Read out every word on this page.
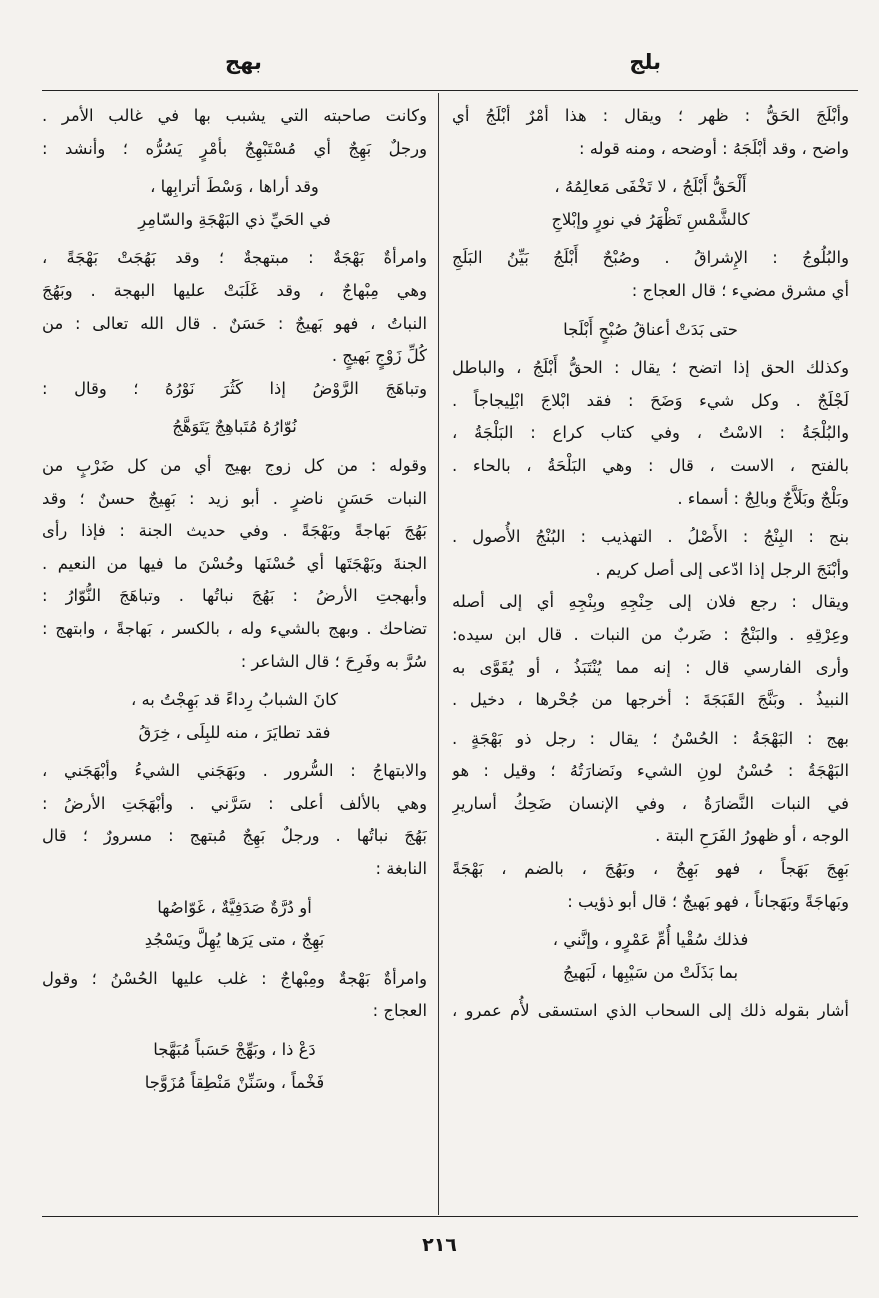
بلج
بهج

وأبْلَجَ الحَقُّ : ظهر ؛ ويقال : هذا أمْرٌ أبْلَجُ أي

واضح ، وقد أبْلَجَهُ : أوضحه ، ومنه قوله :

أَلْحَقُّ أَبْلَجُ ، لا تَخْفَى مَعالِمُهُ ،

كالشَّمْسِ تَظْهَرُ في نورٍ وإبْلاجِ

والبُلُوجُ : الإِشراقُ . وصُبْحٌ أَبْلَجُ بَيِّنُ البَلَجِ

أي مشرق مضيء ؛ قال العجاج :

حتى بَدَتْ أعناقُ صُبْحٍ أَبْلَجا

وكذلك الحق إذا اتضح ؛ يقال : الحقُّ أَبْلَجُ ، والباطل

لَجْلَجٌ . وكل شيء وَضَحَ : فقد ابْلاجَ ابْلِيجاجاً .

والبُلْجَةُ : الاسْتُ ، وفي كتاب كراع : البَلْجَةُ ،

بالفتح ، الاست ، قال : وهي البَلْحَةُ ، بالحاء .

وبَلْجٌ وبَلَاَّجٌ وبالِجٌ : أسماء .

بنج : البِنْجُ : الأَصْلُ . التهذيب : البُنْجُ الأُصول .

وأبْنَجَ الرجل إذا ادّعى إلى أصل كريم .

ويقال : رجع فلان إلى حِنْجِهِ وبِنْجِهِ أي إلى أصله

وعِرْقِهِ . والبَنْجُ : ضَربٌ من النبات . قال ابن سيده:

وأرى الفارسي قال : إنه مما يُنْتَبَذُ ، أو يُقَوَّى به

النبيذُ . وبَنَّجَ القَبَجَةَ : أخرجها من جُحْرها ، دخيل .

بهج : البَهْجَةُ : الحُسْنُ ؛ يقال : رجل ذو بَهْجَةٍ .

البَهْجَةُ : حُسْنُ لونِ الشيء ونَضارَتُهُ ؛ وقيل : هو

في النبات النَّضارَةُ ، وفي الإنسان ضَحِكُ أساريرِ

الوجه ، أو ظهورُ الفَرَحِ البتة .

بَهِجَ بَهَجاً ، فهو بَهِجٌ ، وبَهُجَ ، بالضم ، بَهْجَةً

وبَهاجَةً وبَهَجاناً ، فهو بَهيجٌ ؛ قال أبو ذؤيب :

فذلك سُقْيا أُمِّ عَمْرٍو ، وإنَّني ،

بما بَذَلَتْ من سَيْبِها ، لَبَهيجُ

أشار بقوله ذلك إلى السحاب الذي استسقى لأُم عمرو ،

وكانت صاحبته التي يشبب بها في غالب الأمر .

ورجلٌ بَهِجٌ أي مُسْتَبْهِجٌ بأمْرٍ يَسُرُّه ؛ وأنشد :

وقد أراها ، وَسْطَ أترابِها ،

في الحَيِّ ذي البَهْجَةِ والسّامِرِ

وامرأةٌ بَهْجَةٌ : مبتهجةٌ ؛ وقد بَهُجَتْ بَهْجَةً ،

وهي مِبْهاجٌ ، وقد غَلَبَتْ عليها البهجة . وبَهُجَ

النباتُ ، فهو بَهيجٌ : حَسَنٌ . قال الله تعالى : من

كُلِّ زَوْجٍ بَهيجٍ .

وتباهَجَ الرَّوْضُ إذا كَثُرَ نَوْرُهُ ؛ وقال :

نُوّارُهُ مُتَباهِجٌ يَتَوَهَّجُ

وقوله : من كل زوج بهيج أي من كل ضَرْبٍ من

النبات حَسَنٍ ناضرٍ . أبو زيد : بَهِيجٌ حسنٌ ؛ وقد

بَهُجَ بَهاجةً وبَهْجَةً . وفي حديث الجنة : فإذا رأى

الجنةَ وبَهْجَتَها أي حُسْنَها وحُسْنَ ما فيها من النعيم .

وأبهجتِ الأرضُ : بَهُجَ نباتُها . وتباهَجَ النُّوّارُ :

تضاحك . وبهج بالشيء وله ، بالكسر ، بَهاجةً ، وابتهج :

سُرَّ به وفَرِحَ ؛ قال الشاعر :

كانَ الشبابُ رِداءً قد بَهِجْتُ به ،

فقد تطايَرَ ، منه للبِلَى ، خِرَقُ

والابتهاجُ : السُّرور . وبَهَجَني الشيءُ وأبْهَجَني ،

وهي بالألف أعلى : سَرَّني . وأبْهَجَتِ الأرضُ :

بَهُجَ نباتُها . ورجلٌ بَهِجٌ مُبتهج : مسرورٌ ؛ قال

النابغة :

أو دُرَّةٌ صَدَفِيَّةٌ ، غَوّاصُها

بَهِجٌ ، متى يَرَها يُهِلَّ ويَسْجُدِ

وامرأةٌ بَهْجةٌ ومِبْهاجٌ : غلب عليها الحُسْنُ ؛ وقول

العجاج :

دَعْ ذا ، وبَهِّجْ حَسَباً مُبَهَّجا

فَخْماً ، وسَنِّنْ مَنْطِقاً مُزَوَّجا

٢١٦
